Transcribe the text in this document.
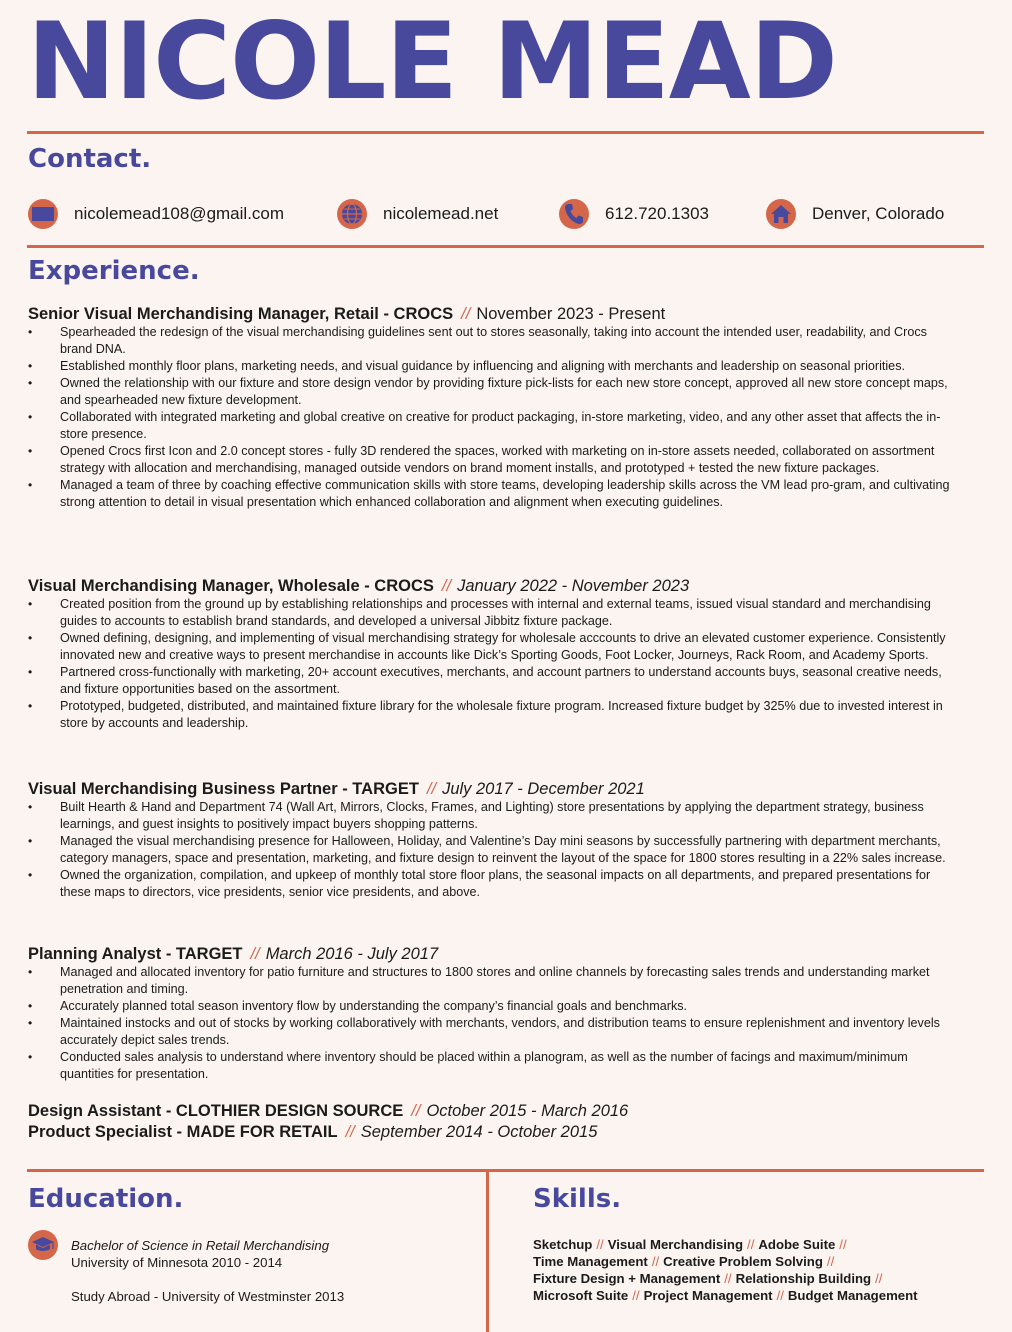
NICOLE MEAD
Contact.
nicolemead108@gmail.com	nicolemead.net	612.720.1303	Denver, Colorado
Experience.
Senior Visual Merchandising Manager, Retail - CROCS // November 2023 - Present
• Spearheaded the redesign of the visual merchandising guidelines sent out to stores seasonally, taking into account the intended user, readability, and Crocs brand DNA.
• Established monthly floor plans, marketing needs, and visual guidance by influencing and aligning with merchants and leadership on seasonal priorities.
• Owned the relationship with our fixture and store design vendor by providing fixture pick-lists for each new store concept, approved all new store concept maps, and spearheaded new fixture development.
• Collaborated with integrated marketing and global creative on creative for product packaging, in-store marketing, video, and any other asset that affects the in-store presence.
• Opened Crocs first Icon and 2.0 concept stores - fully 3D rendered the spaces, worked with marketing on in-store assets needed, collaborated on assortment strategy with allocation and merchandising, managed outside vendors on brand moment installs, and prototyped + tested the new fixture packages.
• Managed a team of three by coaching effective communication skills with store teams, developing leadership skills across the VM lead pro-gram, and cultivating strong attention to detail in visual presentation which enhanced collaboration and alignment when executing guidelines.
Visual Merchandising Manager, Wholesale - CROCS // January 2022 - November 2023
• Created position from the ground up by establishing relationships and processes with internal and external teams, issued visual standard and merchandising guides to accounts to establish brand standards, and developed a universal Jibbitz fixture package.
• Owned defining, designing, and implementing of visual merchandising strategy for wholesale acccounts to drive an elevated customer experience. Consistently innovated new and creative ways to present merchandise in accounts like Dick’s Sporting Goods, Foot Locker, Journeys, Rack Room, and Academy Sports.
• Partnered cross-functionally with marketing, 20+ account executives, merchants, and account partners to understand accounts buys, seasonal creative needs, and fixture opportunities based on the assortment.
• Prototyped, budgeted, distributed, and maintained fixture library for the wholesale fixture program. Increased fixture budget by 325% due to invested interest in store by accounts and leadership.
Visual Merchandising Business Partner - TARGET // July 2017 - December 2021
• Built Hearth & Hand and Department 74 (Wall Art, Mirrors, Clocks, Frames, and Lighting) store presentations by applying the department strategy, business learnings, and guest insights to positively impact buyers shopping patterns.
• Managed the visual merchandising presence for Halloween, Holiday, and Valentine’s Day mini seasons by successfully partnering with department merchants, category managers, space and presentation, marketing, and fixture design to reinvent the layout of the space for 1800 stores resulting in a 22% sales increase.
• Owned the organization, compilation, and upkeep of monthly total store floor plans, the seasonal impacts on all departments, and prepared presentations for these maps to directors, vice presidents, senior vice presidents, and above.
Planning Analyst - TARGET // March 2016 - July 2017
• Managed and allocated inventory for patio furniture and structures to 1800 stores and online channels by forecasting sales trends and understanding market penetration and timing.
• Accurately planned total season inventory flow by understanding the company’s financial goals and benchmarks.
• Maintained instocks and out of stocks by working collaboratively with merchants, vendors, and distribution teams to ensure replenishment and inventory levels accurately depict sales trends.
• Conducted sales analysis to understand where inventory should be placed within a planogram, as well as the number of facings and maximum/minimum quantities for presentation.
Design Assistant - CLOTHIER DESIGN SOURCE // October 2015 - March 2016
Product Specialist - MADE FOR RETAIL // September 2014 - October 2015
Education.
Bachelor of Science in Retail Merchandising
University of Minnesota 2010 - 2014
Study Abroad - University of Westminster 2013
Skills.
Sketchup // Visual Merchandising // Adobe Suite //
Time Management // Creative Problem Solving //
Fixture Design + Management // Relationship Building //
Microsoft Suite // Project Management // Budget Management
